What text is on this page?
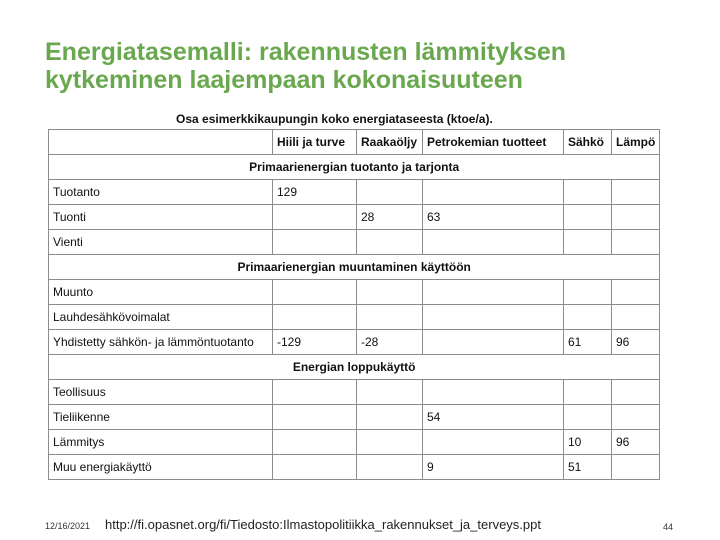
Energiatasemalli: rakennusten lämmityksen kytkeminen laajempaan kokonaisuuteen
Osa esimerkkikaupungin koko energiataseesta (ktoe/a).
	Hiili ja turve	Raakaöljy	Petrokemian tuotteet	Sähkö	Lämpö
Primaarienergian tuotanto ja tarjonta					
Tuotanto	129				
Tuonti		28	63		
Vienti					
Primaarienergian muuntaminen käyttöön					
Muunto					
Lauhdesähkövoimalat					
Yhdistetty sähkön- ja lämmöntuotanto	-129	-28		61	96
Energian loppukäyttö					
Teollisuus					
Tieliikenne			54		
Lämmitys				10	96
Muu energiakäyttö			9	51	
12/16/2021 http://fi.opasnet.org/fi/Tiedosto:Ilmastopolitiikka_rakennukset_ja_terveys.ppt	44
